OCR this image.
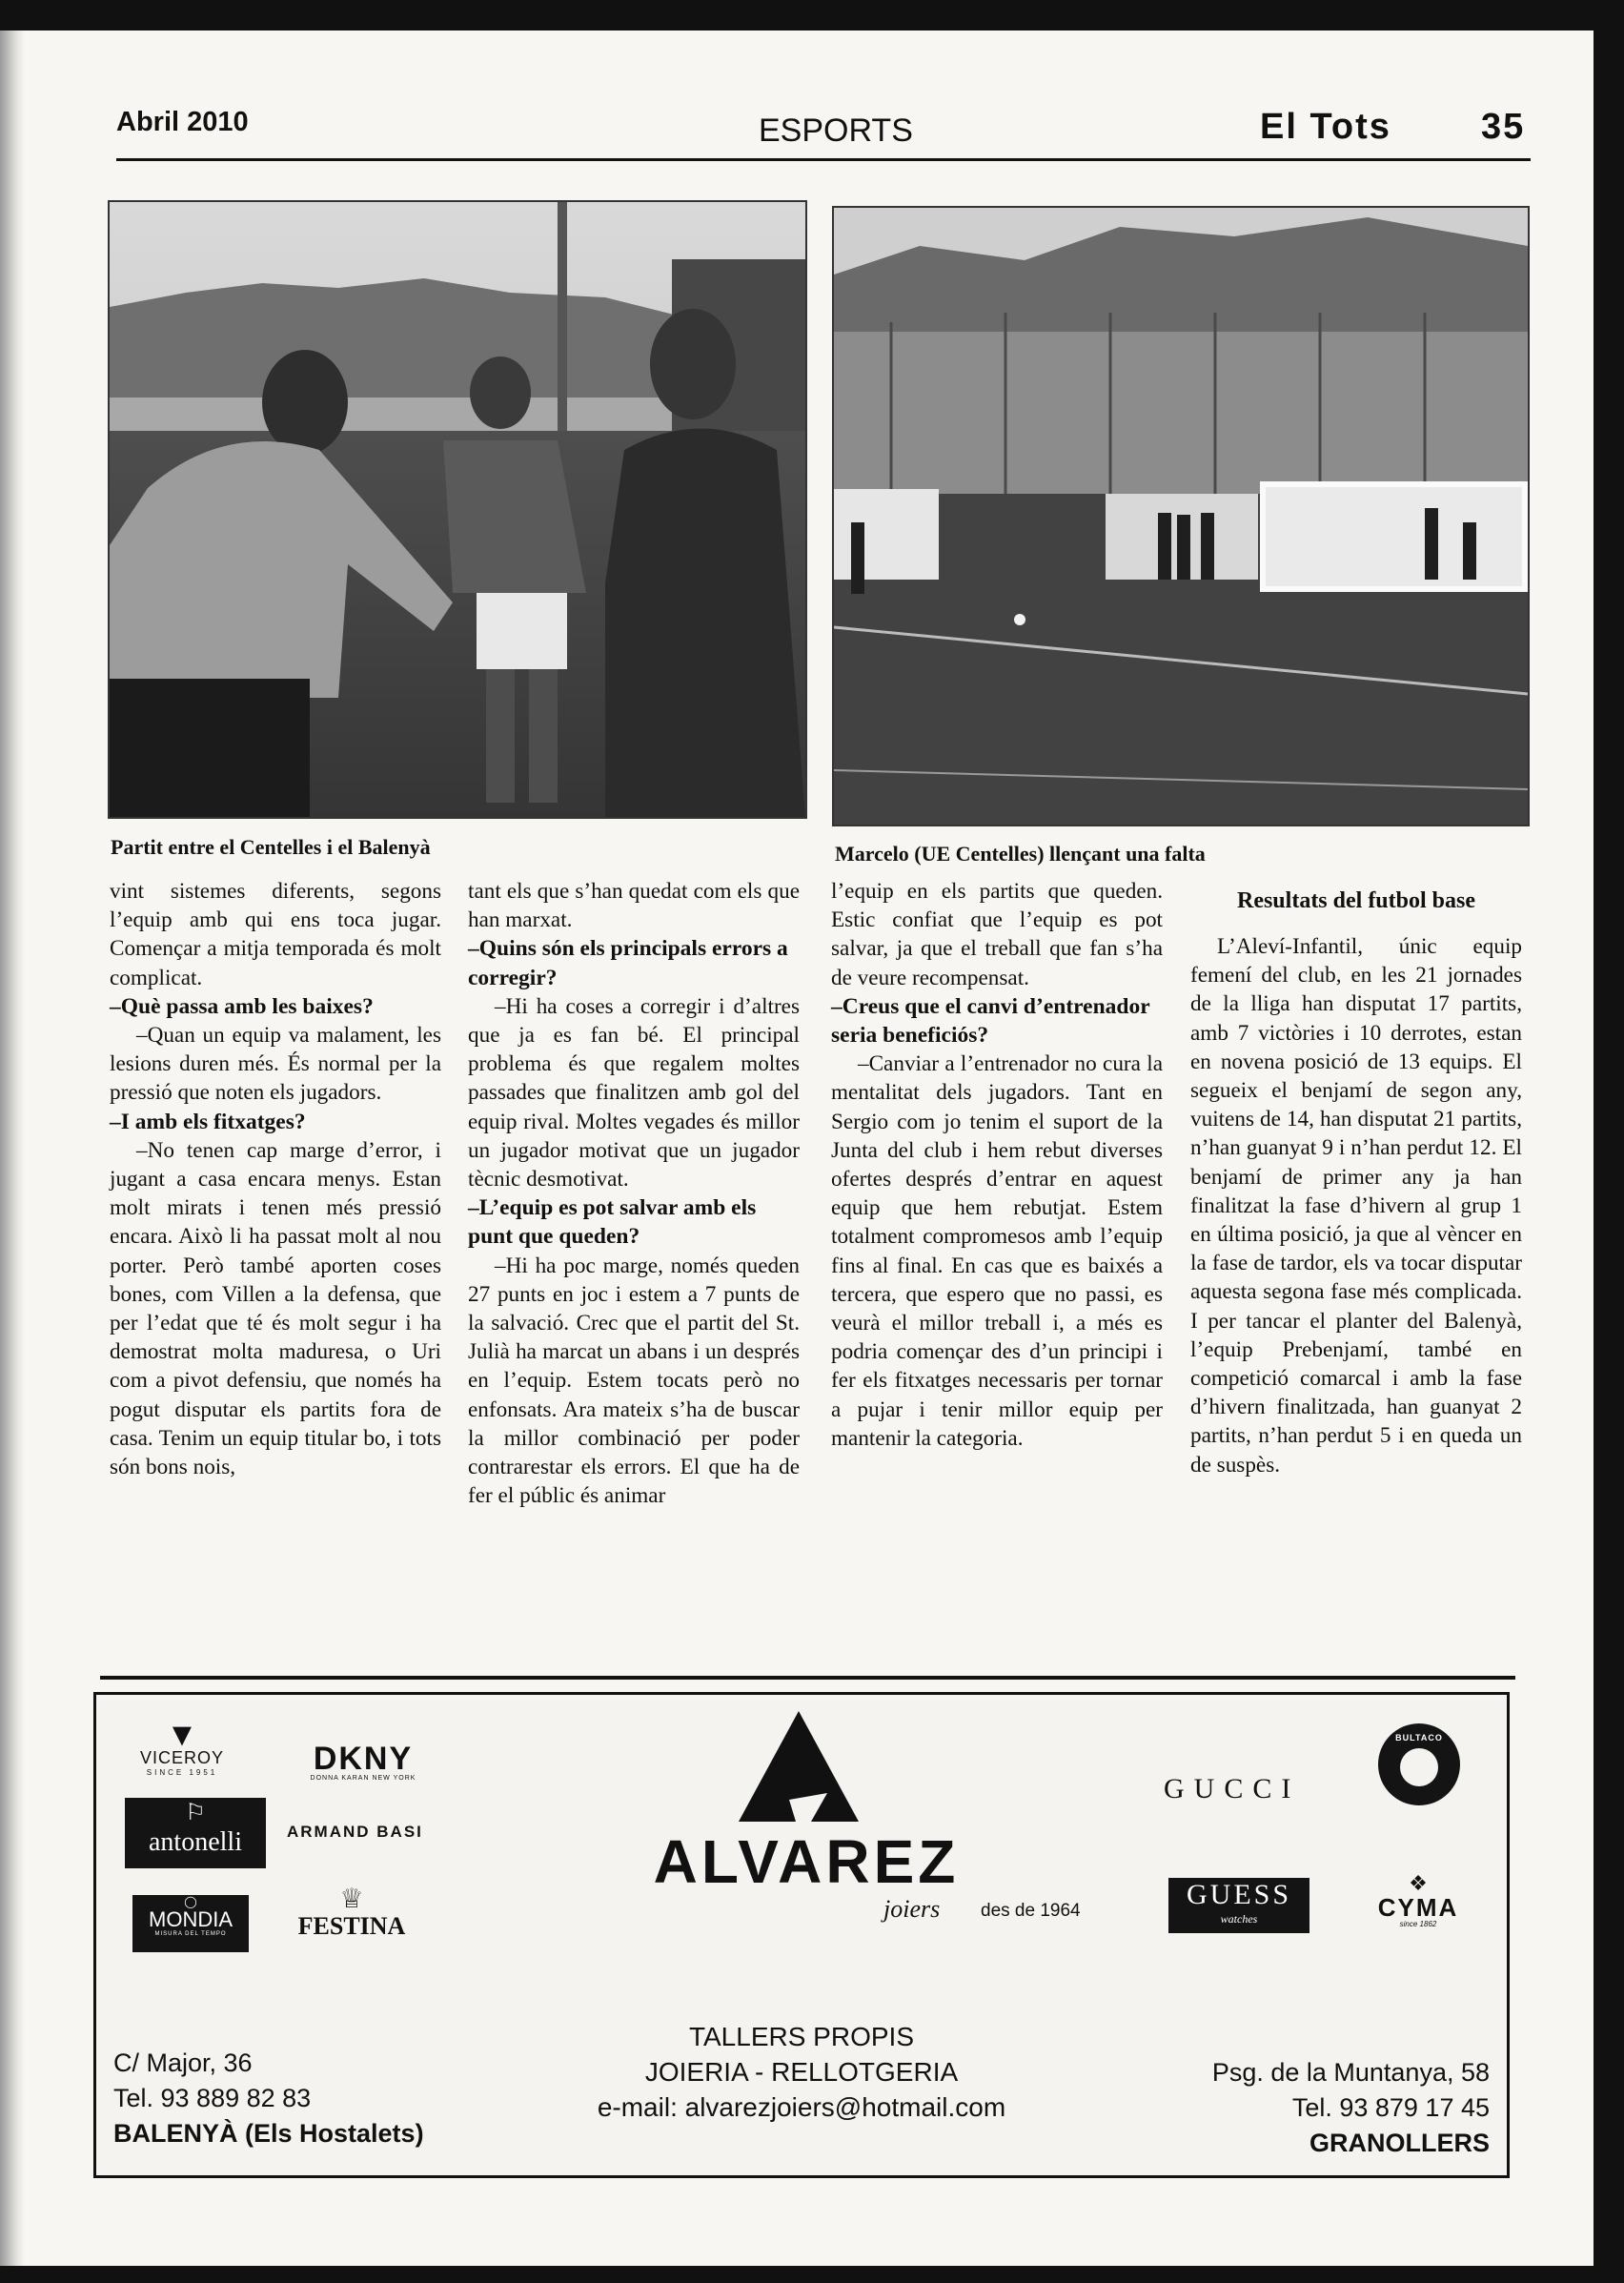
Abril 2010	ESPORTS	El Tots 35
Partit entre el Centelles i el Balenyà	Marcelo (UE Centelles) llençant una falta

vint sistemes diferents, segons l’equip amb qui ens toca jugar. Començar a mitja temporada és molt complicat.

–Què passa amb les baixes?

–Quan un equip va malament, les lesions duren més. És normal per la pressió que noten els jugadors.

–I amb els fitxatges?

–No tenen cap marge d’error, i jugant a casa encara menys. Estan molt mirats i tenen més pressió encara. Això li ha passat molt al nou porter. Però també aporten coses bones, com Villen a la defensa, que per l’edat que té és molt segur i ha demostrat molta maduresa, o Uri com a pivot defensiu, que només ha pogut disputar els partits fora de casa. Tenim un equip titular bo, i tots són bons nois,

tant els que s’han quedat com els que han marxat.

–Quins són els principals errors a corregir?

–Hi ha coses a corregir i d’altres que ja es fan bé. El principal problema és que regalem moltes passades que finalitzen amb gol del equip rival. Moltes vegades és millor un jugador motivat que un jugador tècnic desmotivat.

–L’equip es pot salvar amb els punt que queden?

–Hi ha poc marge, només queden 27 punts en joc i estem a 7 punts de la salvació. Crec que el partit del St. Julià ha marcat un abans i un després en l’equip. Estem tocats però no enfonsats. Ara mateix s’ha de buscar la millor combinació per poder contrarestar els errors. El que ha de fer el públic és animar

l’equip en els partits que queden. Estic confiat que l’equip es pot salvar, ja que el treball que fan s’ha de veure recompensat.

–Creus que el canvi d’entrenador seria beneficiós?

–Canviar a l’entrenador no cura la mentalitat dels jugadors. Tant en Sergio com jo tenim el suport de la Junta del club i hem rebut diverses ofertes després d’entrar en aquest equip que hem rebutjat. Estem totalment compromesos amb l’equip fins al final. En cas que es baixés a tercera, que espero que no passi, es veurà el millor treball i, a més es podria començar des d’un principi i fer els fitxatges necessaris per tornar a pujar i tenir millor equip per mantenir la categoria.

Resultats del futbol base

L’Aleví-Infantil, únic equip femení del club, en les 21 jornades de la lliga han disputat 17 partits, amb 7 victòries i 10 derrotes, estan en novena posició de 13 equips. El segueix el benjamí de segon any, vuitens de 14, han disputat 21 partits, n’han guanyat 9 i n’han perdut 12. El benjamí de primer any ja han finalitzat la fase d’hivern al grup 1 en última posició, ja que al vèncer en la fase de tardor, els va tocar disputar aquesta segona fase més complicada. I per tancar el planter del Balenyà, l’equip Prebenjamí, també en competició comarcal i amb la fase d’hivern finalitzada, han guanyat 2 partits, n’han perdut 5 i en queda un de suspès.

▼
VICEROY
SINCE 1951	DKNY
DONNA KARAN NEW YORK
⚐
antonelli	ARMAND BASI
◯
MONDIA
MISURA DEL TEMPO
♕
FESTINA
ALVAREZ
joiers des de 1964
GUCCI
BULTACO
GUESS
watches
❖
CYMA
since 1862
TALLERS PROPIS
JOIERIA - RELLOTGERIA
e-mail: alvarezjoiers@hotmail.com
C/ Major, 36
Tel. 93 889 82 83
BALENYÀ (Els Hostalets)
Psg. de la Muntanya, 58
Tel. 93 879 17 45
GRANOLLERS
